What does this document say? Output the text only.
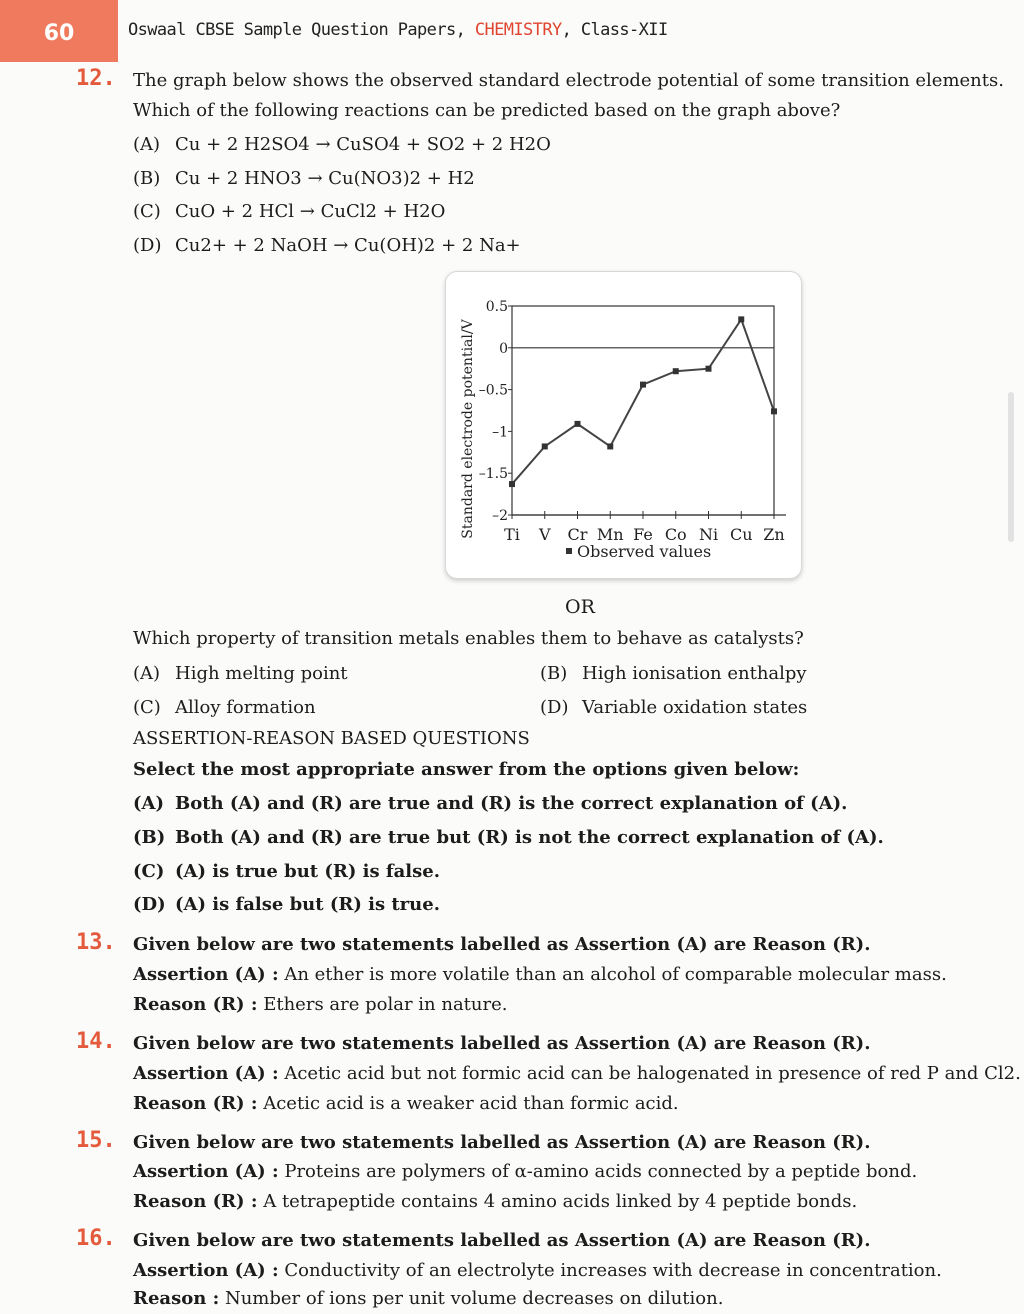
60	Oswaal CBSE Sample Question Papers, CHEMISTRY, Class-XII
12. The graph below shows the observed standard electrode potential of some transition elements.
Which of the following reactions can be predicted based on the graph above?
(A) Cu + 2 H2SO4 → CuSO4 + SO2 + 2 H2O
(B) Cu + 2 HNO3 → Cu(NO3)2 + H2
(C) CuO + 2 HCl → CuCl2 + H2O
(D) Cu2+ + 2 NaOH → Cu(OH)2 + 2 Na+
0.5
0
–0.5
–1
–1.5
–2
Ti V Cr Mn Fe Co Ni Cu Zn
Standard electrode potential/V
Observed values
OR
Which property of transition metals enables them to behave as catalysts?
(A) High melting point	(B) High ionisation enthalpy
(C) Alloy formation	(D) Variable oxidation states
ASSERTION-REASON BASED QUESTIONS
Select the most appropriate answer from the options given below:
(A) Both (A) and (R) are true and (R) is the correct explanation of (A).
(B) Both (A) and (R) are true but (R) is not the correct explanation of (A).
(C) (A) is true but (R) is false.
(D) (A) is false but (R) is true.
13. Given below are two statements labelled as Assertion (A) are Reason (R).
Assertion (A) : An ether is more volatile than an alcohol of comparable molecular mass.
Reason (R) : Ethers are polar in nature.
14. Given below are two statements labelled as Assertion (A) are Reason (R).
Assertion (A) : Acetic acid but not formic acid can be halogenated in presence of red P and Cl2.
Reason (R) : Acetic acid is a weaker acid than formic acid.
15. Given below are two statements labelled as Assertion (A) are Reason (R).
Assertion (A) : Proteins are polymers of α-amino acids connected by a peptide bond.
Reason (R) : A tetrapeptide contains 4 amino acids linked by 4 peptide bonds.
16. Given below are two statements labelled as Assertion (A) are Reason (R).
Assertion (A) : Conductivity of an electrolyte increases with decrease in concentration.
Reason : Number of ions per unit volume decreases on dilution.
